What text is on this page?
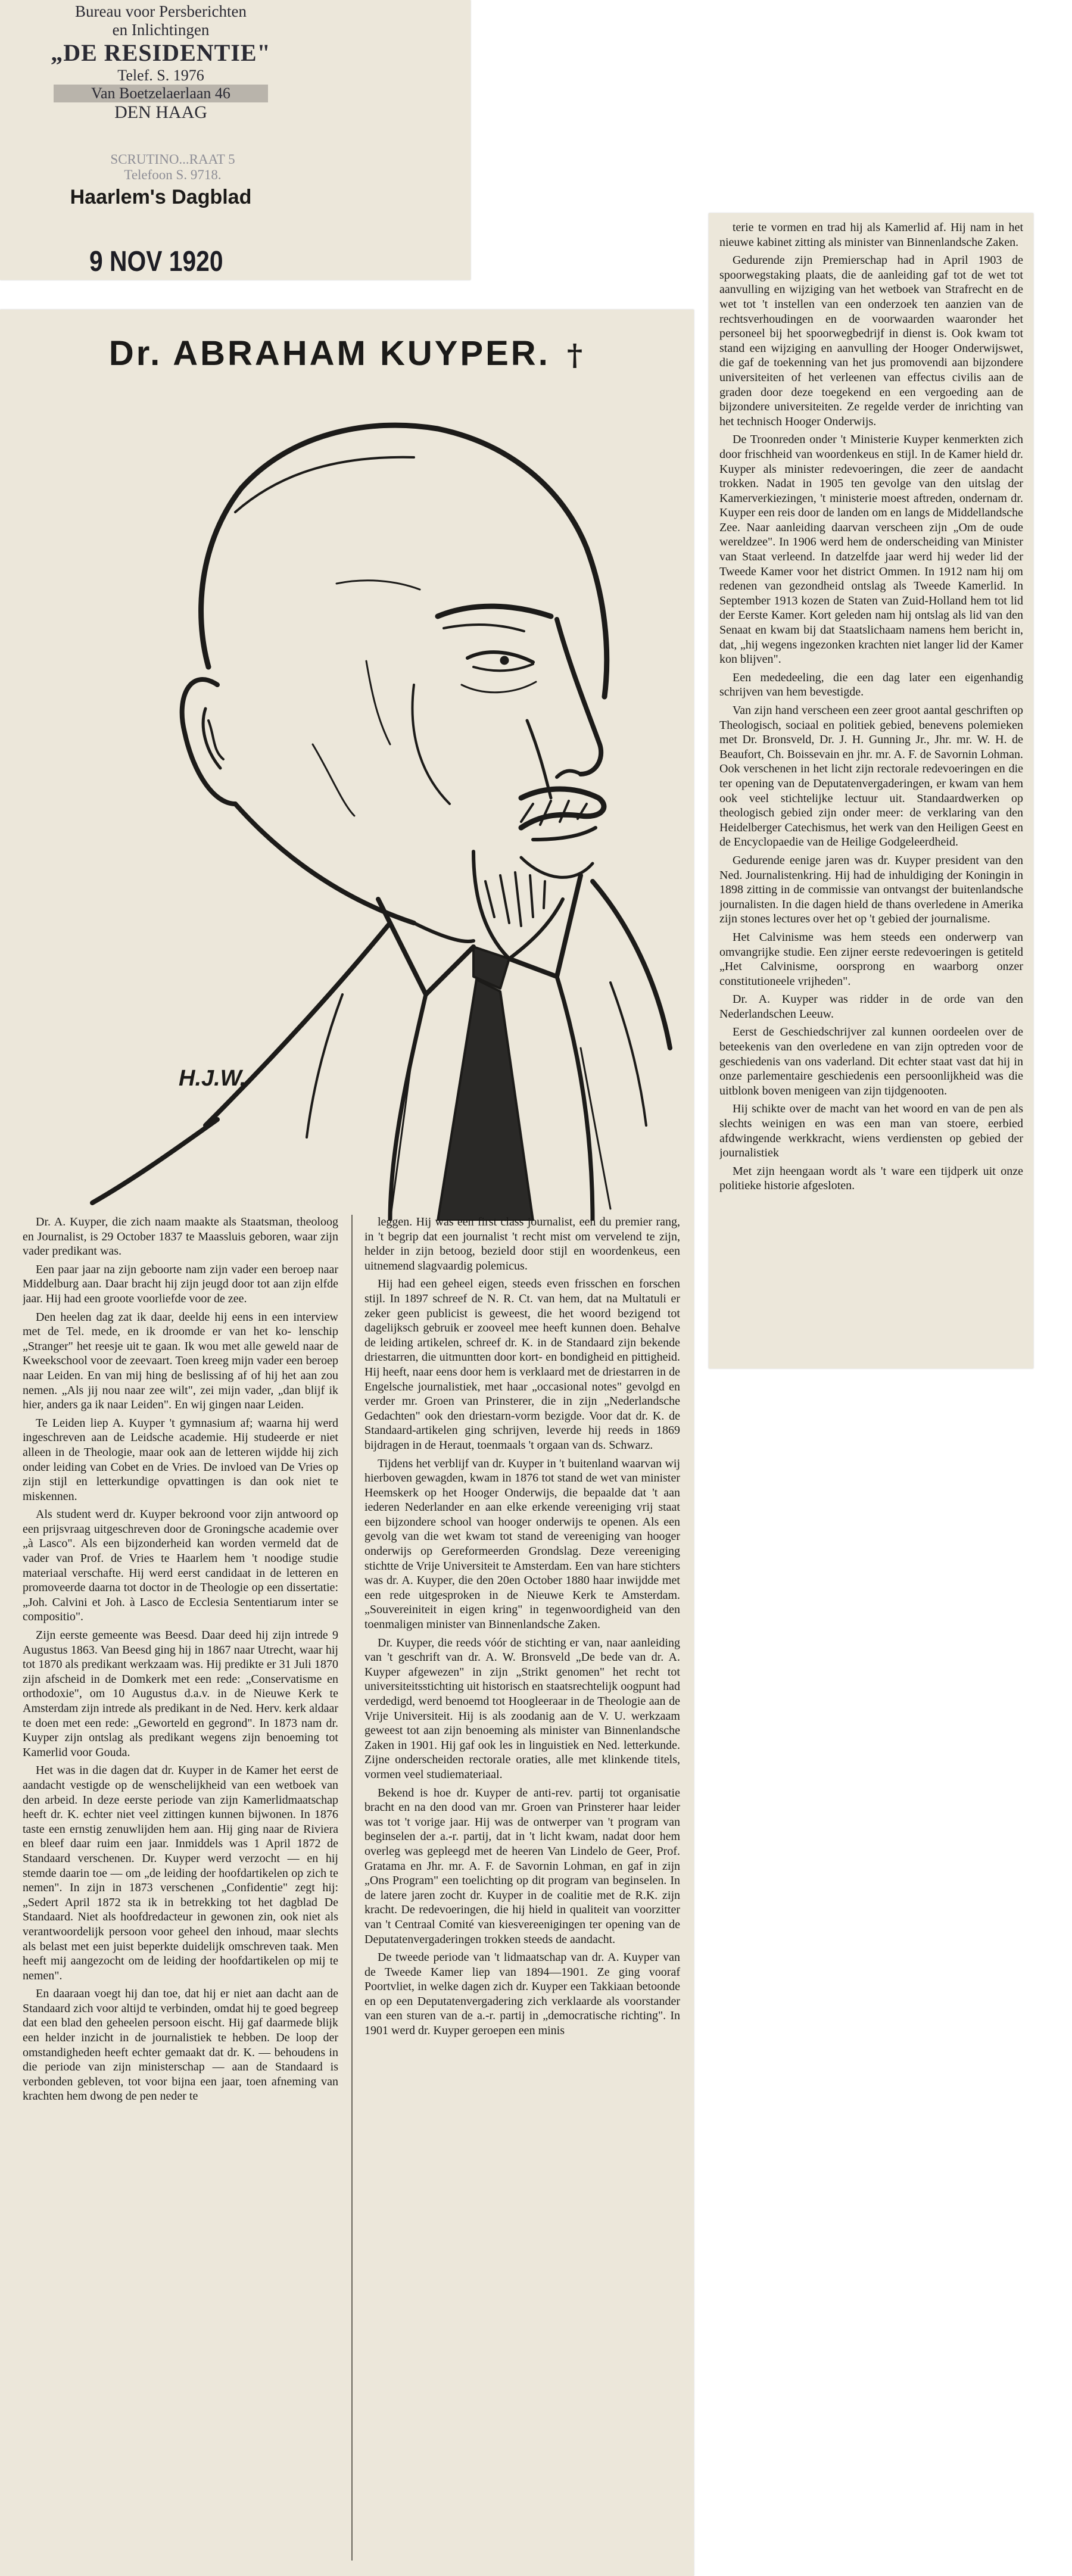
Bureau voor Persberichten
en Inlichtingen
„DE RESIDENTIE"
Telef. S. 1976
Van Boetzelaerlaan 46
DEN HAAG
SCRUTINO...RAAT 5
Telefoon S. 9718.
Haarlem's Dagblad
9 NOV 1920
Dr. ABRAHAM KUYPER. †
H.J.W.

Dr. A. Kuyper, die zich naam maakte als Staatsman, theoloog en Journalist, is 29 October 1837 te Maassluis geboren, waar zijn vader predikant was.

Een paar jaar na zijn geboorte nam zijn vader een beroep naar Middelburg aan. Daar bracht hij zijn jeugd door tot aan zijn elfde jaar. Hij had een groote voorliefde voor de zee.

Den heelen dag zat ik daar, deelde hij eens in een interview met de Tel. mede, en ik droomde er van het ko- lenschip „Stranger" het reesje uit te gaan. Ik wou met alle geweld naar de Kweekschool voor de zeevaart. Toen kreeg mijn vader een beroep naar Leiden. En van mij hing de beslissing af of hij het aan zou nemen. „Als jij nou naar zee wilt", zei mijn vader, „dan blijf ik hier, anders ga ik naar Leiden". En wij gingen naar Leiden.

Te Leiden liep A. Kuyper 't gymnasium af; waarna hij werd ingeschreven aan de Leidsche academie. Hij studeerde er niet alleen in de Theologie, maar ook aan de letteren wijdde hij zich onder leiding van Cobet en de Vries. De invloed van De Vries op zijn stijl en letterkundige opvattingen is dan ook niet te miskennen.

Als student werd dr. Kuyper bekroond voor zijn antwoord op een prijsvraag uitgeschreven door de Groningsche academie over „à Lasco". Als een bijzonderheid kan worden vermeld dat de vader van Prof. de Vries te Haarlem hem 't noodige studie materiaal verschafte. Hij werd eerst candidaat in de letteren en promoveerde daarna tot doctor in de Theologie op een dissertatie: „Joh. Calvini et Joh. à Lasco de Ecclesia Sententiarum inter se compositio".

Zijn eerste gemeente was Beesd. Daar deed hij zijn intrede 9 Augustus 1863. Van Beesd ging hij in 1867 naar Utrecht, waar hij tot 1870 als predikant werkzaam was. Hij predikte er 31 Juli 1870 zijn afscheid in de Domkerk met een rede: „Conservatisme en orthodoxie", om 10 Augustus d.a.v. in de Nieuwe Kerk te Amsterdam zijn intrede als predikant in de Ned. Herv. kerk aldaar te doen met een rede: „Geworteld en gegrond". In 1873 nam dr. Kuyper zijn ontslag als predikant wegens zijn benoeming tot Kamerlid voor Gouda.

Het was in die dagen dat dr. Kuyper in de Kamer het eerst de aandacht vestigde op de wenschelijkheid van een wetboek van den arbeid. In deze eerste periode van zijn Kamerlidmaatschap heeft dr. K. echter niet veel zittingen kunnen bijwonen. In 1876 taste een ernstig zenuwlijden hem aan. Hij ging naar de Riviera en bleef daar ruim een jaar. Inmiddels was 1 April 1872 de Standaard verschenen. Dr. Kuyper werd verzocht — en hij stemde daarin toe — om „de leiding der hoofdartikelen op zich te nemen". In zijn in 1873 verschenen „Confidentie" zegt hij: „Sedert April 1872 sta ik in betrekking tot het dagblad De Standaard. Niet als hoofdredacteur in gewonen zin, ook niet als verantwoordelijk persoon voor geheel den inhoud, maar slechts als belast met een juist beperkte duidelijk omschreven taak. Men heeft mij aangezocht om de leiding der hoofdartikelen op mij te nemen".

En daaraan voegt hij dan toe, dat hij er niet aan dacht aan de Standaard zich voor altijd te verbinden, omdat hij te goed begreep dat een blad den geheelen persoon eischt. Hij gaf daarmede blijk een helder inzicht in de journalistiek te hebben. De loop der omstandigheden heeft echter gemaakt dat dr. K. — behoudens in die periode van zijn ministerschap — aan de Standaard is verbonden gebleven, tot voor bijna een jaar, toen afneming van krachten hem dwong de pen neder te

leggen. Hij was een first class journalist, een du premier rang, in 't begrip dat een journalist 't recht mist om vervelend te zijn, helder in zijn betoog, bezield door stijl en woordenkeus, een uitnemend slagvaardig polemicus.

Hij had een geheel eigen, steeds even frisschen en forschen stijl. In 1897 schreef de N. R. Ct. van hem, dat na Multatuli er zeker geen publicist is geweest, die het woord bezigend tot dagelijksch gebruik er zooveel mee heeft kunnen doen. Behalve de leiding artikelen, schreef dr. K. in de Standaard zijn bekende driestarren, die uitmuntten door kort- en bondigheid en pittigheid. Hij heeft, naar eens door hem is verklaard met de driestarren in de Engelsche journalistiek, met haar „occasional notes" gevolgd en verder mr. Groen van Prinsterer, die in zijn „Nederlandsche Gedachten" ook den driestarn-vorm bezigde. Voor dat dr. K. de Standaard-artikelen ging schrijven, leverde hij reeds in 1869 bijdragen in de Heraut, toenmaals 't orgaan van ds. Schwarz.

Tijdens het verblijf van dr. Kuyper in 't buitenland waarvan wij hierboven gewagden, kwam in 1876 tot stand de wet van minister Heemskerk op het Hooger Onderwijs, die bepaalde dat 't aan iederen Nederlander en aan elke erkende vereeniging vrij staat een bijzondere school van hooger onderwijs te openen. Als een gevolg van die wet kwam tot stand de vereeniging van hooger onderwijs op Gereformeerden Grondslag. Deze vereeniging stichtte de Vrije Universiteit te Amsterdam. Een van hare stichters was dr. A. Kuyper, die den 20en October 1880 haar inwijdde met een rede uitgesproken in de Nieuwe Kerk te Amsterdam. „Souvereiniteit in eigen kring" in tegenwoordigheid van den toenmaligen minister van Binnenlandsche Zaken.

Dr. Kuyper, die reeds vóór de stichting er van, naar aanleiding van 't geschrift van dr. A. W. Bronsveld „De bede van dr. A. Kuyper afgewezen" in zijn „Strikt genomen" het recht tot universiteitsstichting uit historisch en staatsrechtelijk oogpunt had verdedigd, werd benoemd tot Hoogleeraar in de Theologie aan de Vrije Universiteit. Hij is als zoodanig aan de V. U. werkzaam geweest tot aan zijn benoeming als minister van Binnenlandsche Zaken in 1901. Hij gaf ook les in linguistiek en Ned. letterkunde. Zijne onderscheiden rectorale oraties, alle met klinkende titels, vormen veel studiemateriaal.

Bekend is hoe dr. Kuyper de anti-rev. partij tot organisatie bracht en na den dood van mr. Groen van Prinsterer haar leider was tot 't vorige jaar. Hij was de ontwerper van 't program van beginselen der a.-r. partij, dat in 't licht kwam, nadat door hem overleg was gepleegd met de heeren Van Lindelo de Geer, Prof. Gratama en Jhr. mr. A. F. de Savornin Lohman, en gaf in zijn „Ons Program" een toelichting op dit program van beginselen. In de latere jaren zocht dr. Kuyper in de coalitie met de R.K. zijn kracht. De redevoeringen, die hij hield in qualiteit van voorzitter van 't Centraal Comité van kiesvereenigingen ter opening van de Deputatenvergaderingen trokken steeds de aandacht.

De tweede periode van 't lidmaatschap van dr. A. Kuyper van de Tweede Kamer liep van 1894—1901. Ze ging vooraf Poortvliet, in welke dagen zich dr. Kuyper een Takkiaan betoonde en op een Deputatenvergadering zich verklaarde als voorstander van een sturen van de a.-r. partij in „democratische richting". In 1901 werd dr. Kuyper geroepen een minis

terie te vormen en trad hij als Kamerlid af. Hij nam in het nieuwe kabinet zitting als minister van Binnenlandsche Zaken.

Gedurende zijn Premierschap had in April 1903 de spoorwegstaking plaats, die de aanleiding gaf tot de wet tot aanvulling en wijziging van het wetboek van Strafrecht en de wet tot 't instellen van een onderzoek ten aanzien van de rechtsverhoudingen en de voorwaarden waaronder het personeel bij het spoorwegbedrijf in dienst is. Ook kwam tot stand een wijziging en aanvulling der Hooger Onderwijswet, die gaf de toekenning van het jus promovendi aan bijzondere universiteiten of het verleenen van effectus civilis aan de graden door deze toegekend en een vergoeding aan de bijzondere universiteiten. Ze regelde verder de inrichting van het technisch Hooger Onderwijs.

De Troonreden onder 't Ministerie Kuyper kenmerkten zich door frischheid van woordenkeus en stijl. In de Kamer hield dr. Kuyper als minister redevoeringen, die zeer de aandacht trokken. Nadat in 1905 ten gevolge van den uitslag der Kamerverkiezingen, 't ministerie moest aftreden, ondernam dr. Kuyper een reis door de landen om en langs de Middellandsche Zee. Naar aanleiding daarvan verscheen zijn „Om de oude wereldzee". In 1906 werd hem de onderscheiding van Minister van Staat verleend. In datzelfde jaar werd hij weder lid der Tweede Kamer voor het district Ommen. In 1912 nam hij om redenen van gezondheid ontslag als Tweede Kamerlid. In September 1913 kozen de Staten van Zuid-Holland hem tot lid der Eerste Kamer. Kort geleden nam hij ontslag als lid van den Senaat en kwam bij dat Staatslichaam namens hem bericht in, dat, „hij wegens ingezonken krachten niet langer lid der Kamer kon blijven".

Een mededeeling, die een dag later een eigenhandig schrijven van hem bevestigde.

Van zijn hand verscheen een zeer groot aantal geschriften op Theologisch, sociaal en politiek gebied, benevens polemieken met Dr. Bronsveld, Dr. J. H. Gunning Jr., Jhr. mr. W. H. de Beaufort, Ch. Boissevain en jhr. mr. A. F. de Savornin Lohman. Ook verschenen in het licht zijn rectorale redevoeringen en die ter opening van de Deputatenvergaderingen, er kwam van hem ook veel stichtelijke lectuur uit. Standaardwerken op theologisch gebied zijn onder meer: de verklaring van den Heidelberger Catechismus, het werk van den Heiligen Geest en de Encyclopaedie van de Heilige Godgeleerdheid.

Gedurende eenige jaren was dr. Kuyper president van den Ned. Journalistenkring. Hij had de inhuldiging der Koningin in 1898 zitting in de commissie van ontvangst der buitenlandsche journalisten. In die dagen hield de thans overledene in Amerika zijn stones lectures over het op 't gebied der journalisme.

Het Calvinisme was hem steeds een onderwerp van omvangrijke studie. Een zijner eerste redevoeringen is getiteld „Het Calvinisme, oorsprong en waarborg onzer constitutioneele vrijheden".

Dr. A. Kuyper was ridder in de orde van den Nederlandschen Leeuw.

Eerst de Geschiedschrijver zal kunnen oordeelen over de beteekenis van den overledene en van zijn optreden voor de geschiedenis van ons vaderland. Dit echter staat vast dat hij in onze parlementaire geschiedenis een persoonlijkheid was die uitblonk boven menigeen van zijn tijdgenooten.

Hij schikte over de macht van het woord en van de pen als slechts weinigen en was een man van stoere, eerbied afdwingende werkkracht, wiens verdiensten op gebied der journalistiek

Met zijn heengaan wordt als 't ware een tijdperk uit onze politieke historie afgesloten.
